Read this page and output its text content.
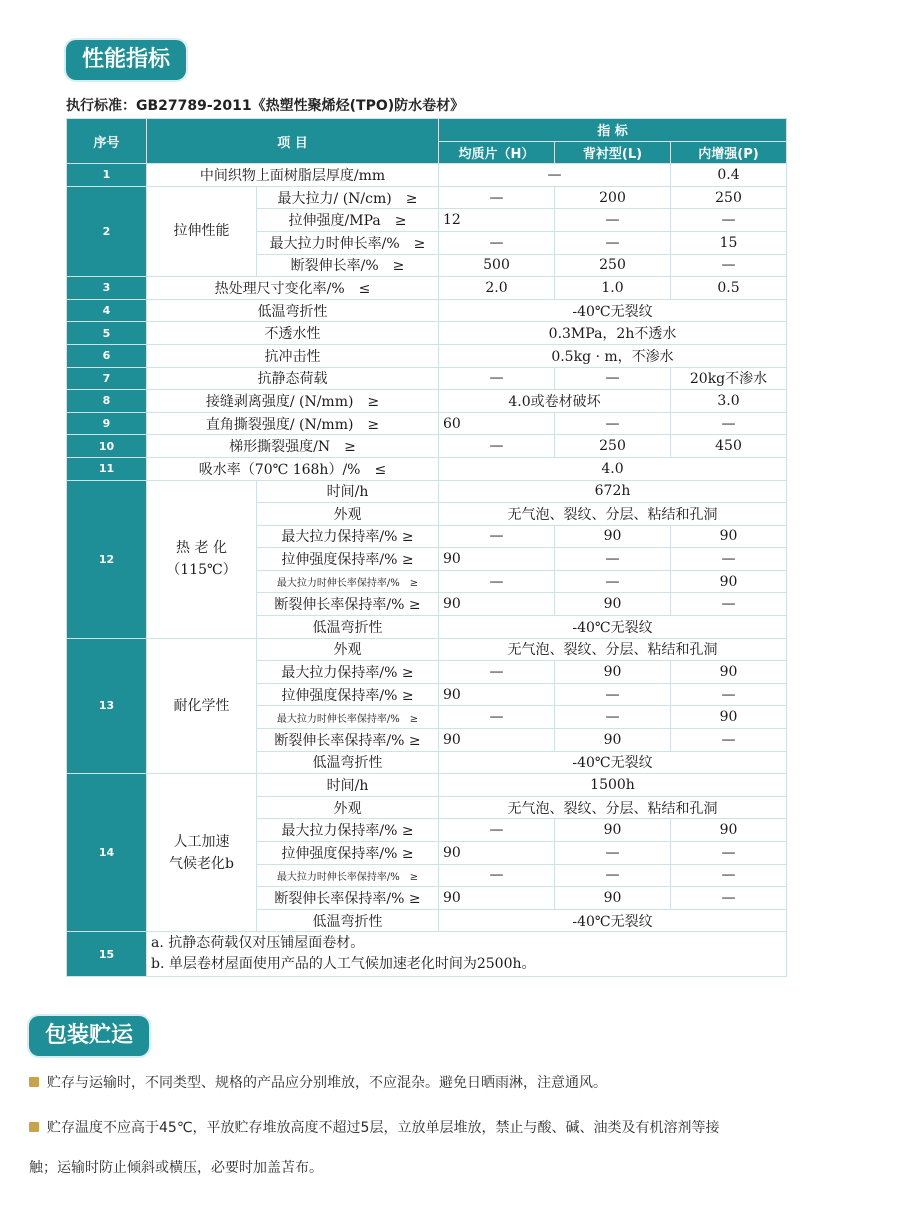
性能指标
执行标准：GB27789-2011《热塑性聚烯烃(TPO)防水卷材》
序号	项 目		指 标		
			均质片（H）	背衬型(L)	内增强(P)
1	中间织物上面树脂层厚度/mm		—		0.4
2	拉伸性能	最大拉力/ (N/cm)　≥	—	200	250
		拉伸强度/MPa　≥	12	—	—
		最大拉力时伸长率/%　≥	—	—	15
		断裂伸长率/%　≥	500	250	—
3	热处理尺寸变化率/%　≤		2.0	1.0	0.5
4	低温弯折性		-40℃无裂纹		
5	不透水性		0.3MPa，2h不透水		
6	抗冲击性		0.5kg · m，不渗水		
7	抗静态荷载		—	—	20kg不渗水
8	接缝剥离强度/ (N/mm)　≥		4.0或卷材破坏		3.0
9	直角撕裂强度/ (N/mm)　≥		60	—	—
10	梯形撕裂强度/N　≥		—	250	450
11	吸水率（70℃ 168h）/%　≤		4.0		
12	热 老 化
（115℃）	时间/h	672h		
		外观	无气泡、裂纹、分层、粘结和孔洞		
		最大拉力保持率/% ≥	—	90	90
		拉伸强度保持率/% ≥	90	—	—
		最大拉力时伸长率保持率/%　≥	—	—	90
		断裂伸长率保持率/% ≥	90	90	—
		低温弯折性	-40℃无裂纹		
13	耐化学性	外观	无气泡、裂纹、分层、粘结和孔洞		
		最大拉力保持率/% ≥	—	90	90
		拉伸强度保持率/% ≥	90	—	—
		最大拉力时伸长率保持率/%　≥	—	—	90
		断裂伸长率保持率/% ≥	90	90	—
		低温弯折性	-40℃无裂纹		
14	人工加速
气候老化b	时间/h	1500h		
		外观	无气泡、裂纹、分层、粘结和孔洞		
		最大拉力保持率/% ≥	—	90	90
		拉伸强度保持率/% ≥	90	—	—
		最大拉力时伸长率保持率/%　≥	—	—	—
		断裂伸长率保持率/% ≥	90	90	—
		低温弯折性	-40℃无裂纹		
15	a. 抗静态荷载仅对压铺屋面卷材。
b. 单层卷材屋面使用产品的人工气候加速老化时间为2500h。				
包装贮运
贮存与运输时，不同类型、规格的产品应分别堆放，不应混杂。避免日晒雨淋，注意通风。
贮存温度不应高于45℃，平放贮存堆放高度不超过5层，立放单层堆放，禁止与酸、碱、油类及有机溶剂等接
触；运输时防止倾斜或横压，必要时加盖苫布。
